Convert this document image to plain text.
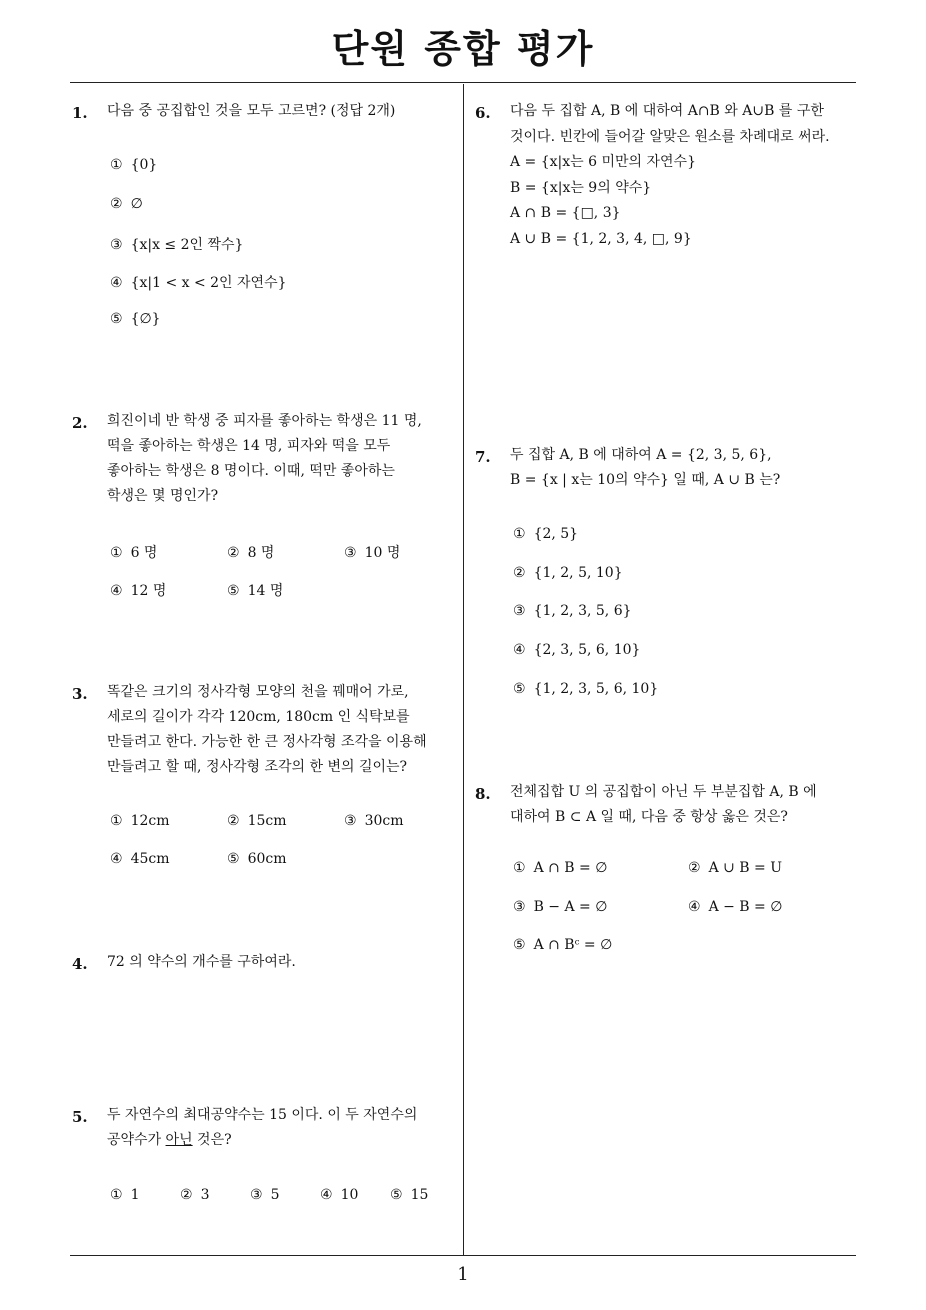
단원 종합 평가
1
1. 다음 중 공집합인 것을 모두 고르면? (정답 2개)
① {0}
② ∅
③ {x|x ≤ 2인 짝수}
④ {x|1 < x < 2인 자연수}
⑤ {∅}
2. 희진이네 반 학생 중 피자를 좋아하는 학생은 11 명,
떡을 좋아하는 학생은 14 명, 피자와 떡을 모두
좋아하는 학생은 8 명이다. 이때, 떡만 좋아하는
학생은 몇 명인가?
① 6 명	② 8 명	③ 10 명
④ 12 명	⑤ 14 명
3. 똑같은 크기의 정사각형 모양의 천을 꿰매어 가로,
세로의 길이가 각각 120cm, 180cm 인 식탁보를
만들려고 한다. 가능한 한 큰 정사각형 조각을 이용해
만들려고 할 때, 정사각형 조각의 한 변의 길이는?
① 12cm	② 15cm	③ 30cm
④ 45cm	⑤ 60cm
4. 72 의 약수의 개수를 구하여라.
5. 두 자연수의 최대공약수는 15 이다. 이 두 자연수의
공약수가 아닌 것은?
① 1	② 3	③ 5	④ 10 ⑤ 15
6. 다음 두 집합 A, B 에 대하여 A∩B 와 A∪B 를 구한
것이다. 빈칸에 들어갈 알맞은 원소를 차례대로 써라.
A = {x|x는 6 미만의 자연수}
B = {x|x는 9의 약수}
A ∩ B = {□, 3}
A ∪ B = {1, 2, 3, 4, □, 9}
7. 두 집합 A, B 에 대하여 A = {2, 3, 5, 6},
B = {x | x는 10의 약수} 일 때, A ∪ B 는?
① {2, 5}
② {1, 2, 5, 10}
③ {1, 2, 3, 5, 6}
④ {2, 3, 5, 6, 10}
⑤ {1, 2, 3, 5, 6, 10}
8. 전체집합 U 의 공집합이 아닌 두 부분집합 A, B 에
대하여 B ⊂ A 일 때, 다음 중 항상 옳은 것은?
① A ∩ B = ∅	② A ∪ B = U
③ B − A = ∅	④ A − B = ∅
⑤ A ∩ Bᶜ = ∅
